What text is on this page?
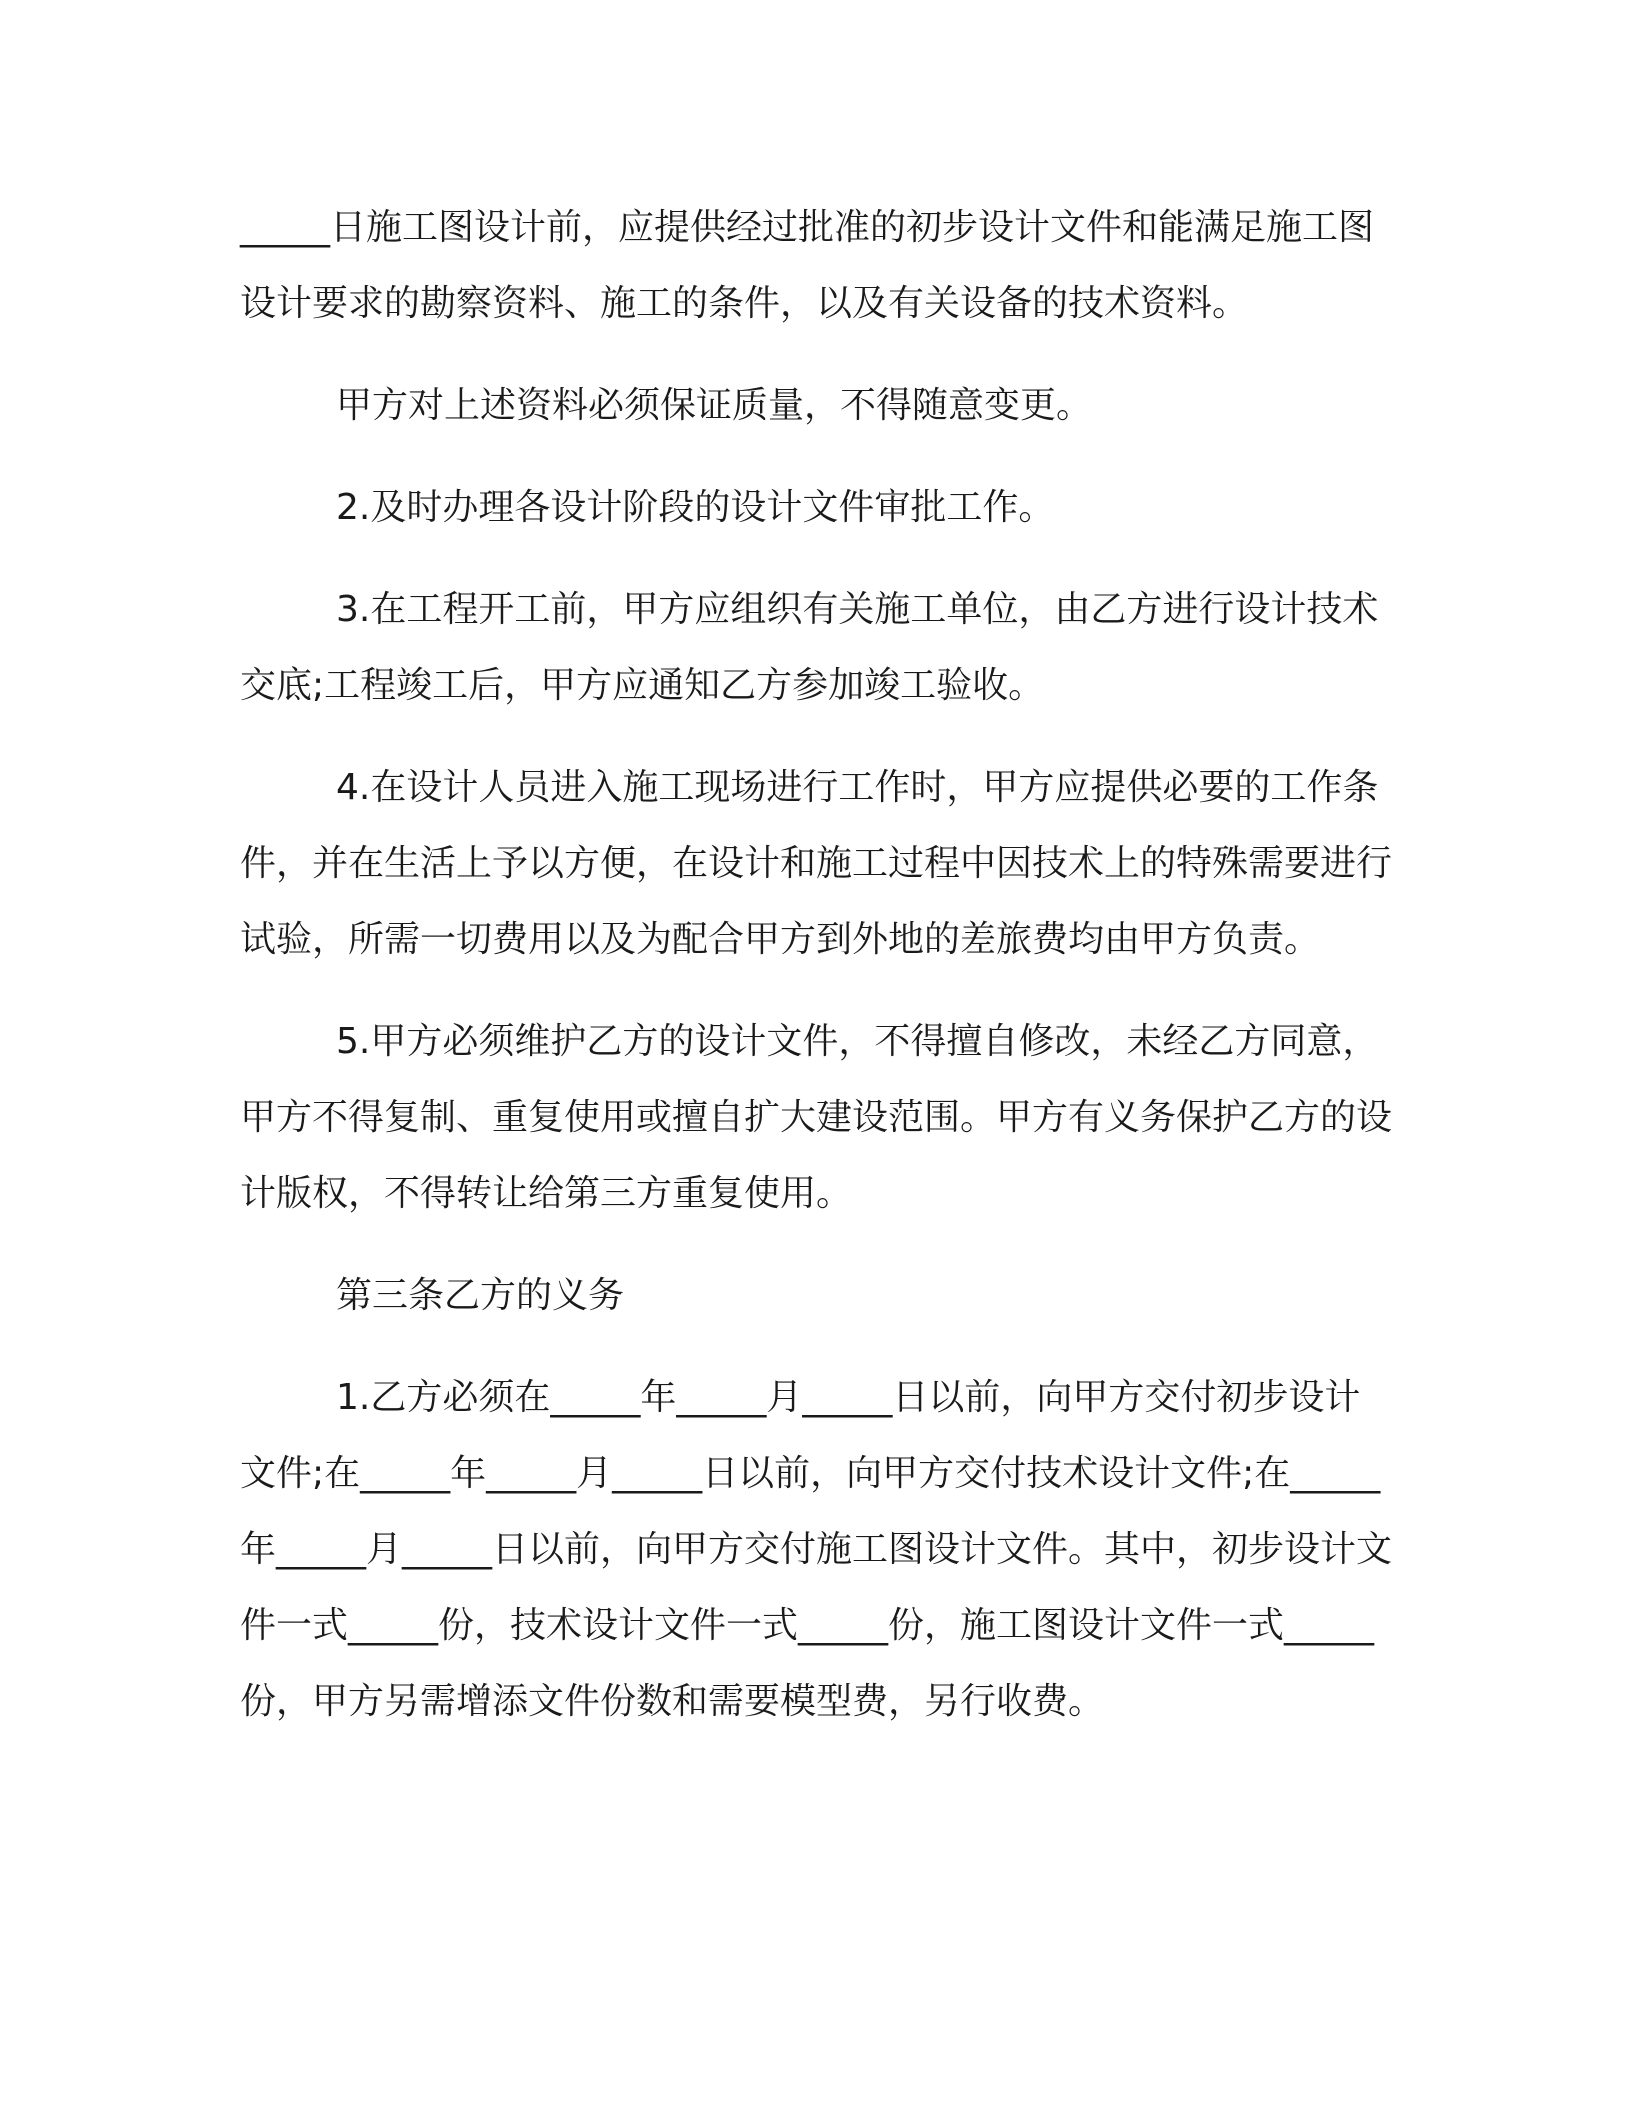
_____日施工图设计前，应提供经过批准的初步设计文件和能满足施工图设计要求的勘察资料、施工的条件，以及有关设备的技术资料。

甲方对上述资料必须保证质量，不得随意变更。

2.及时办理各设计阶段的设计文件审批工作。

3.在工程开工前，甲方应组织有关施工单位，由乙方进行设计技术交底;工程竣工后，甲方应通知乙方参加竣工验收。

4.在设计人员进入施工现场进行工作时，甲方应提供必要的工作条件，并在生活上予以方便，在设计和施工过程中因技术上的特殊需要进行试验，所需一切费用以及为配合甲方到外地的差旅费均由甲方负责。

5.甲方必须维护乙方的设计文件，不得擅自修改，未经乙方同意，甲方不得复制、重复使用或擅自扩大建设范围。甲方有义务保护乙方的设计版权，不得转让给第三方重复使用。

第三条乙方的义务

1.乙方必须在_____年_____月_____日以前，向甲方交付初步设计文件;在_____年_____月_____日以前，向甲方交付技术设计文件;在_____年_____月_____日以前，向甲方交付施工图设计文件。其中，初步设计文件一式_____份，技术设计文件一式_____份，施工图设计文件一式_____份，甲方另需增添文件份数和需要模型费，另行收费。
